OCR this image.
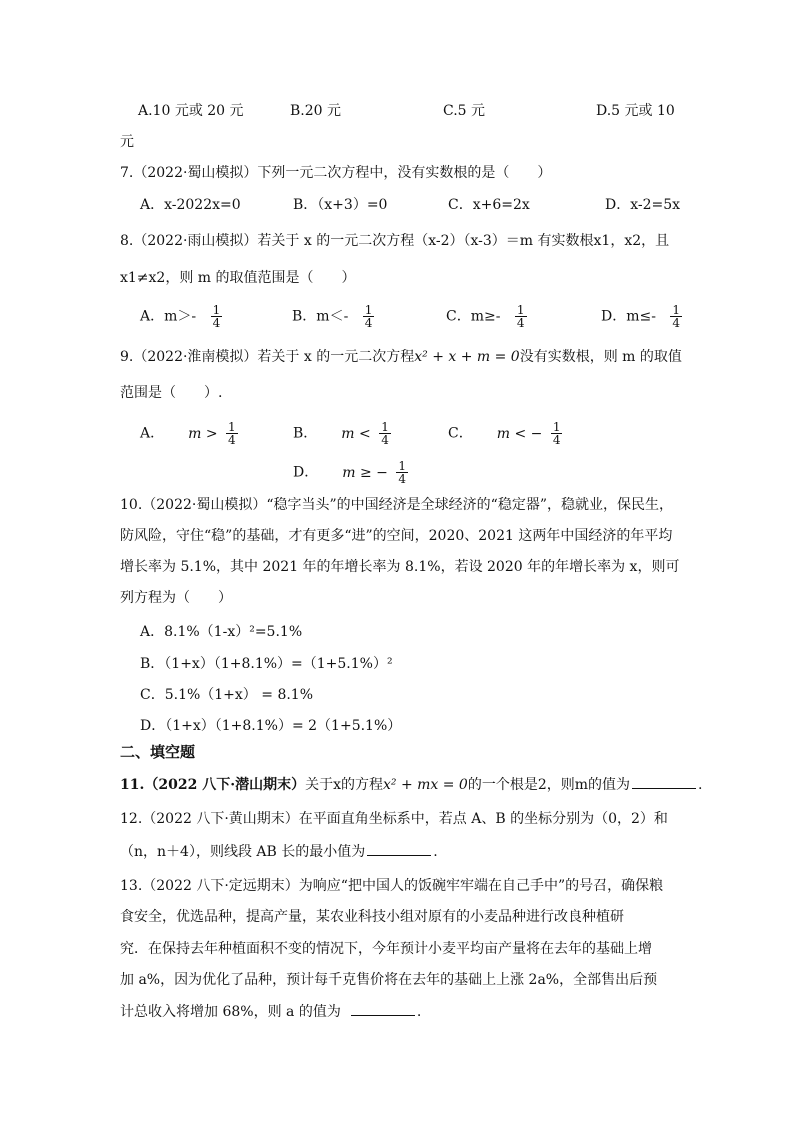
A.10 元或 20 元	B.20 元	C.5 元	D.5 元或 10
元
7.（2022·蜀山模拟）下列一元二次方程中，没有实数根的是（　　）
A．x-2022x=0	B．（x+3）=0	C．x+6=2x	D．x-2=5x
8.（2022·雨山模拟）若关于 x 的一元二次方程（x-2）（x-3）＝m 有实数根x1，x2，且
x1≠x2，则 m 的取值范围是（　　）
A．$m>- \frac{1}{4}$	B．$m<- \frac{1}{4}$	C．$m\ge- \frac{1}{4}$	D．$m\le- \frac{1}{4}$
9.（2022·淮南模拟）若关于 x 的一元二次方程x² + x + m = 0没有实数根，则 m 的取值
范围是（　　）.
A． $m > \frac{1}{4}$	B． $m < \frac{1}{4}$	C． m < − $\frac{1}{4}$
D． m ≥ − $\frac{1}{4}$
10.（2022·蜀山模拟）“稳字当头”的中国经济是全球经济的“稳定器”，稳就业，保民生，
防风险，守住“稳”的基础，才有更多“进”的空间，2020、2021 这两年中国经济的年平均
增长率为 5.1%，其中 2021 年的年增长率为 8.1%，若设 2020 年的年增长率为 x，则可
列方程为（　　）
A．8.1%（1-x）²=5.1%
B．（1+x）（1+8.1%）=（1+5.1%）²
C．5.1%（1+x） = 8.1%
D．（1+x）（1+8.1%）= 2（1+5.1%）
二、填空题
11.（2022 八下·潜山期末）关于x的方程x² + mx = 0的一个根是2，则m的值为	.
12.（2022 八下·黄山期末）在平面直角坐标系中，若点 A、B 的坐标分别为（0，2）和
（n，n＋4），则线段 AB 长的最小值为	.
13.（2022 八下·定远期末）为响应“把中国人的饭碗牢牢端在自己手中”的号召，确保粮
食安全，优选品种，提高产量，某农业科技小组对原有的小麦品种进行改良种植研
究．在保持去年种植面积不变的情况下，今年预计小麦平均亩产量将在去年的基础上增
加 a%，因为优化了品种，预计每千克售价将在去年的基础上上涨 2a%，全部售出后预
计总收入将增加 68%，则 a 的值为	.
